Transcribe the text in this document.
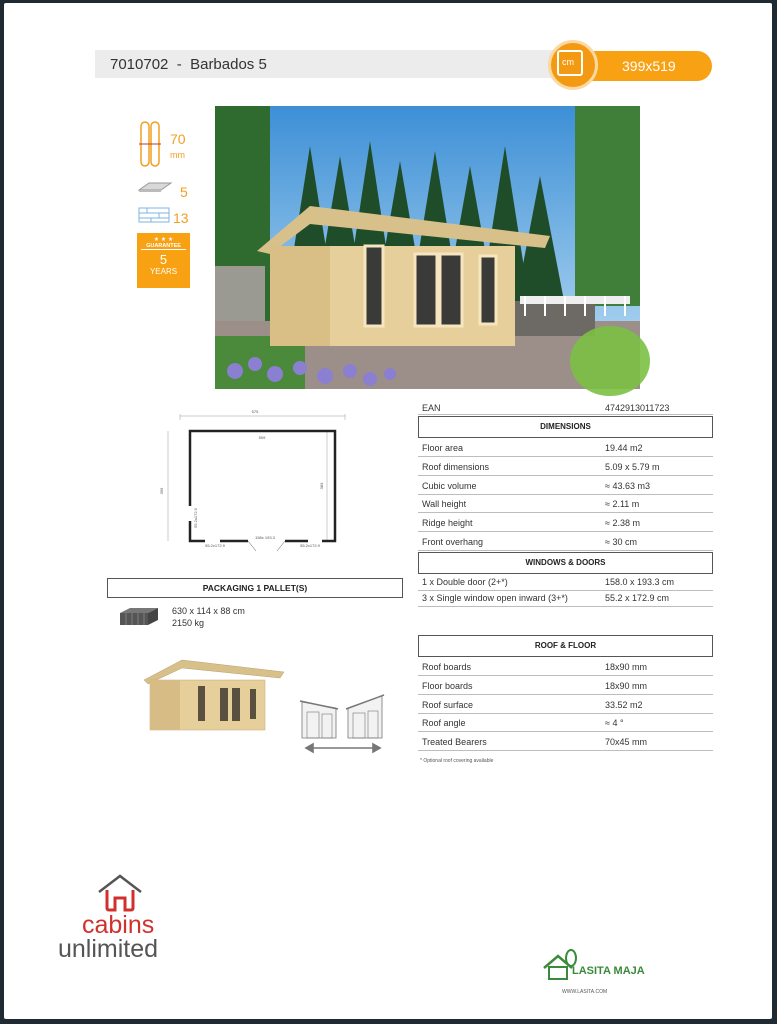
7010702 - Barbados 5	cm	399x519
70
mm
5
13
★ ★ ★
GUARANTEE
5
YEARS
575
509
399
383
158x 193.3
55.2x172.9	55.2x172.9
55.2x172.9
PACKAGING 1 PALLET(S)
630 x 114 x 88 cm
2150 kg
EAN	4742913011723
DIMENSIONS
Floor area	19.44 m2
Roof dimensions	5.09 x 5.79 m
Cubic volume	≈ 43.63 m3
Wall height	≈ 2.11 m
Ridge height	≈ 2.38 m
Front overhang	≈ 30 cm
WINDOWS & DOORS
1 x Double door (2+*)	158.0 x 193.3 cm
3 x Single window open inward (3+*)	55.2 x 172.9 cm
ROOF & FLOOR
Roof boards	18x90 mm
Floor boards	18x90 mm
Roof surface	33.52 m2
Roof angle	≈ 4 °
Treated Bearers	70x45 mm
* Optional roof covering available
cabins
unlimited
LASITA MAJA
WWW.LASITA.COM
